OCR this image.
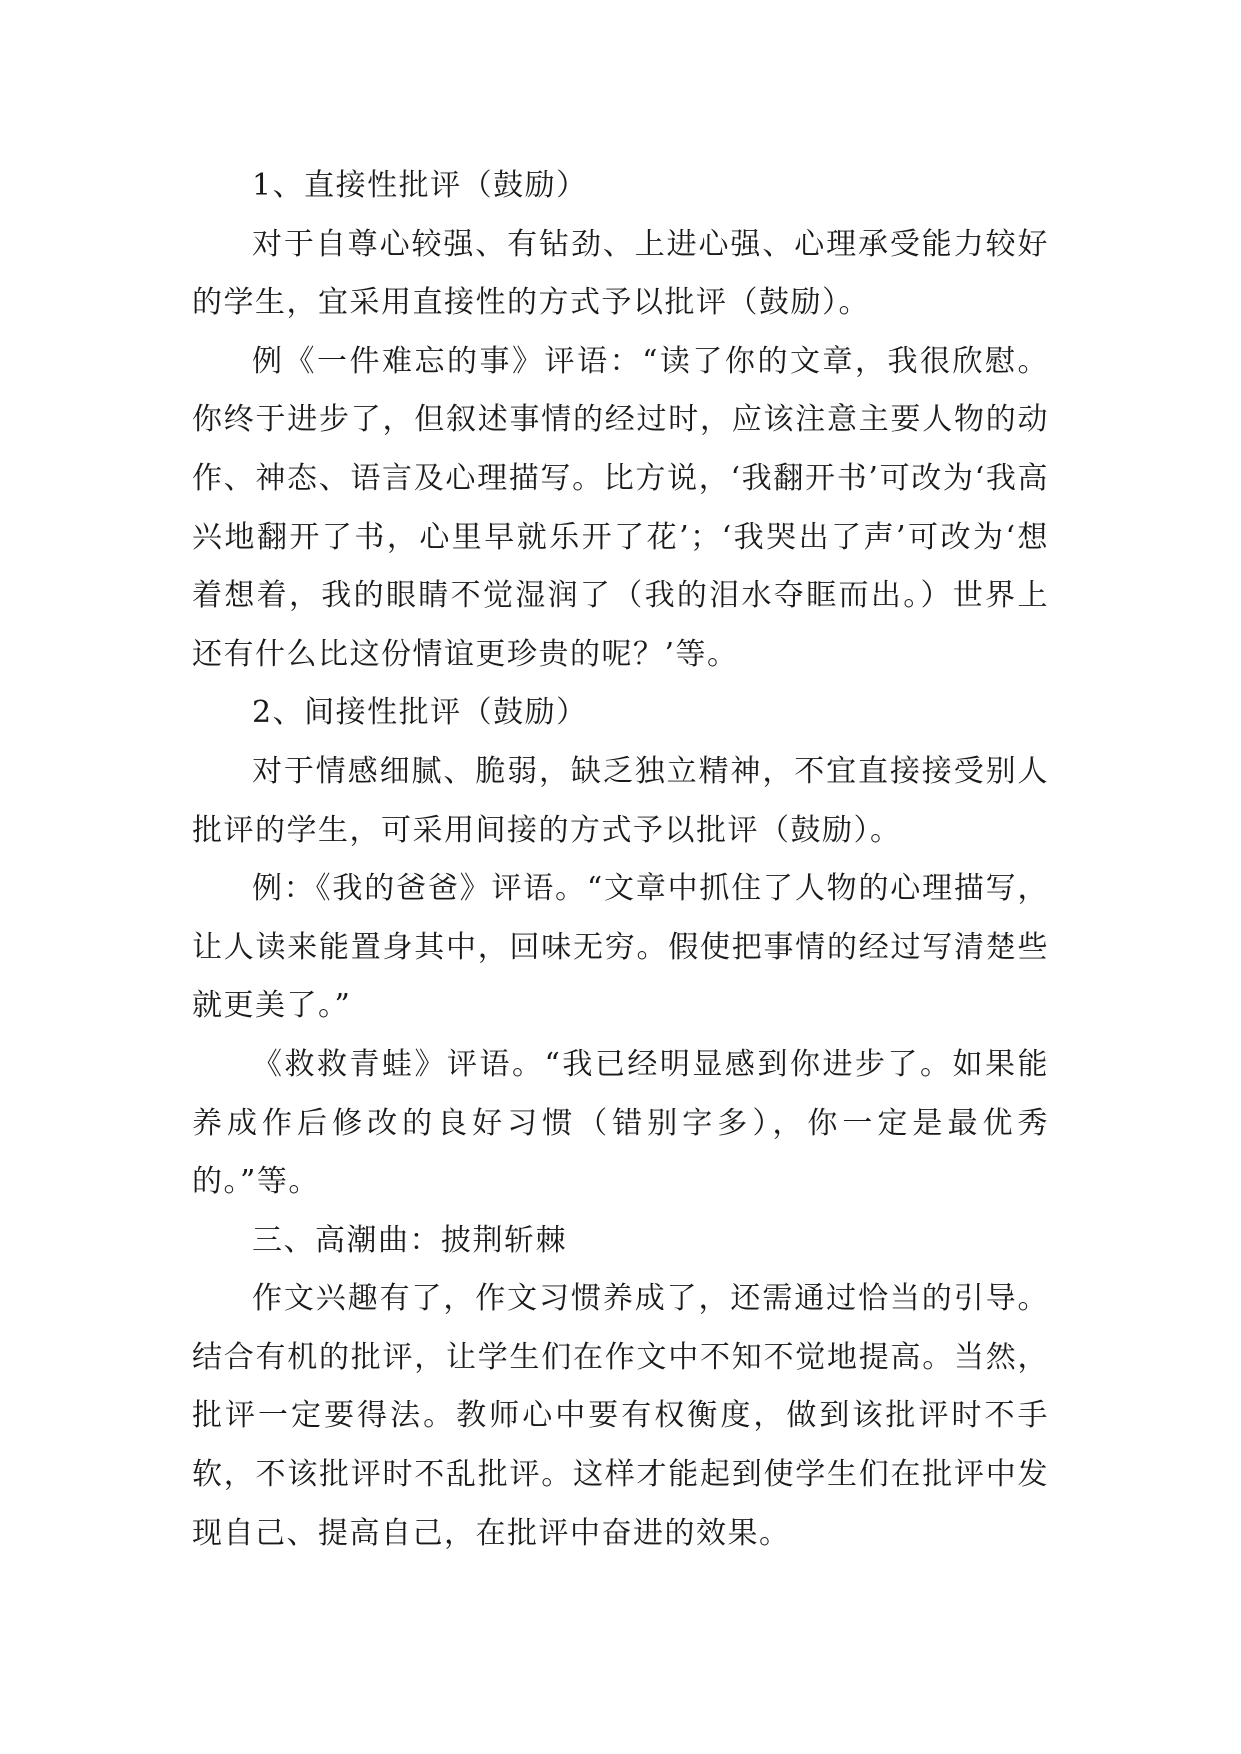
1、直接性批评（鼓励）

对于自尊心较强、有钻劲、上进心强、心理承受能力较好的学生，宜采用直接性的方式予以批评（鼓励）。

例《一件难忘的事》评语：“读了你的文章，我很欣慰。你终于进步了，但叙述事情的经过时，应该注意主要人物的动作、神态、语言及心理描写。比方说，‘我翻开书’可改为‘我高兴地翻开了书，心里早就乐开了花’；‘我哭出了声’可改为‘想着想着，我的眼睛不觉湿润了（我的泪水夺眶而出。）世界上还有什么比这份情谊更珍贵的呢？’等。

2、间接性批评（鼓励）

对于情感细腻、脆弱，缺乏独立精神，不宜直接接受别人批评的学生，可采用间接的方式予以批评（鼓励）。

例：《我的爸爸》评语。“文章中抓住了人物的心理描写，让人读来能置身其中，回味无穷。假使把事情的经过写清楚些就更美了。”

《救救青蛙》评语。“我已经明显感到你进步了。如果能养成作后修改的良好习惯（错别字多），你一定是最优秀的。”等。

三、高潮曲：披荆斩棘

作文兴趣有了，作文习惯养成了，还需通过恰当的引导。结合有机的批评，让学生们在作文中不知不觉地提高。当然，批评一定要得法。教师心中要有权衡度，做到该批评时不手软，不该批评时不乱批评。这样才能起到使学生们在批评中发现自己、提高自己，在批评中奋进的效果。
